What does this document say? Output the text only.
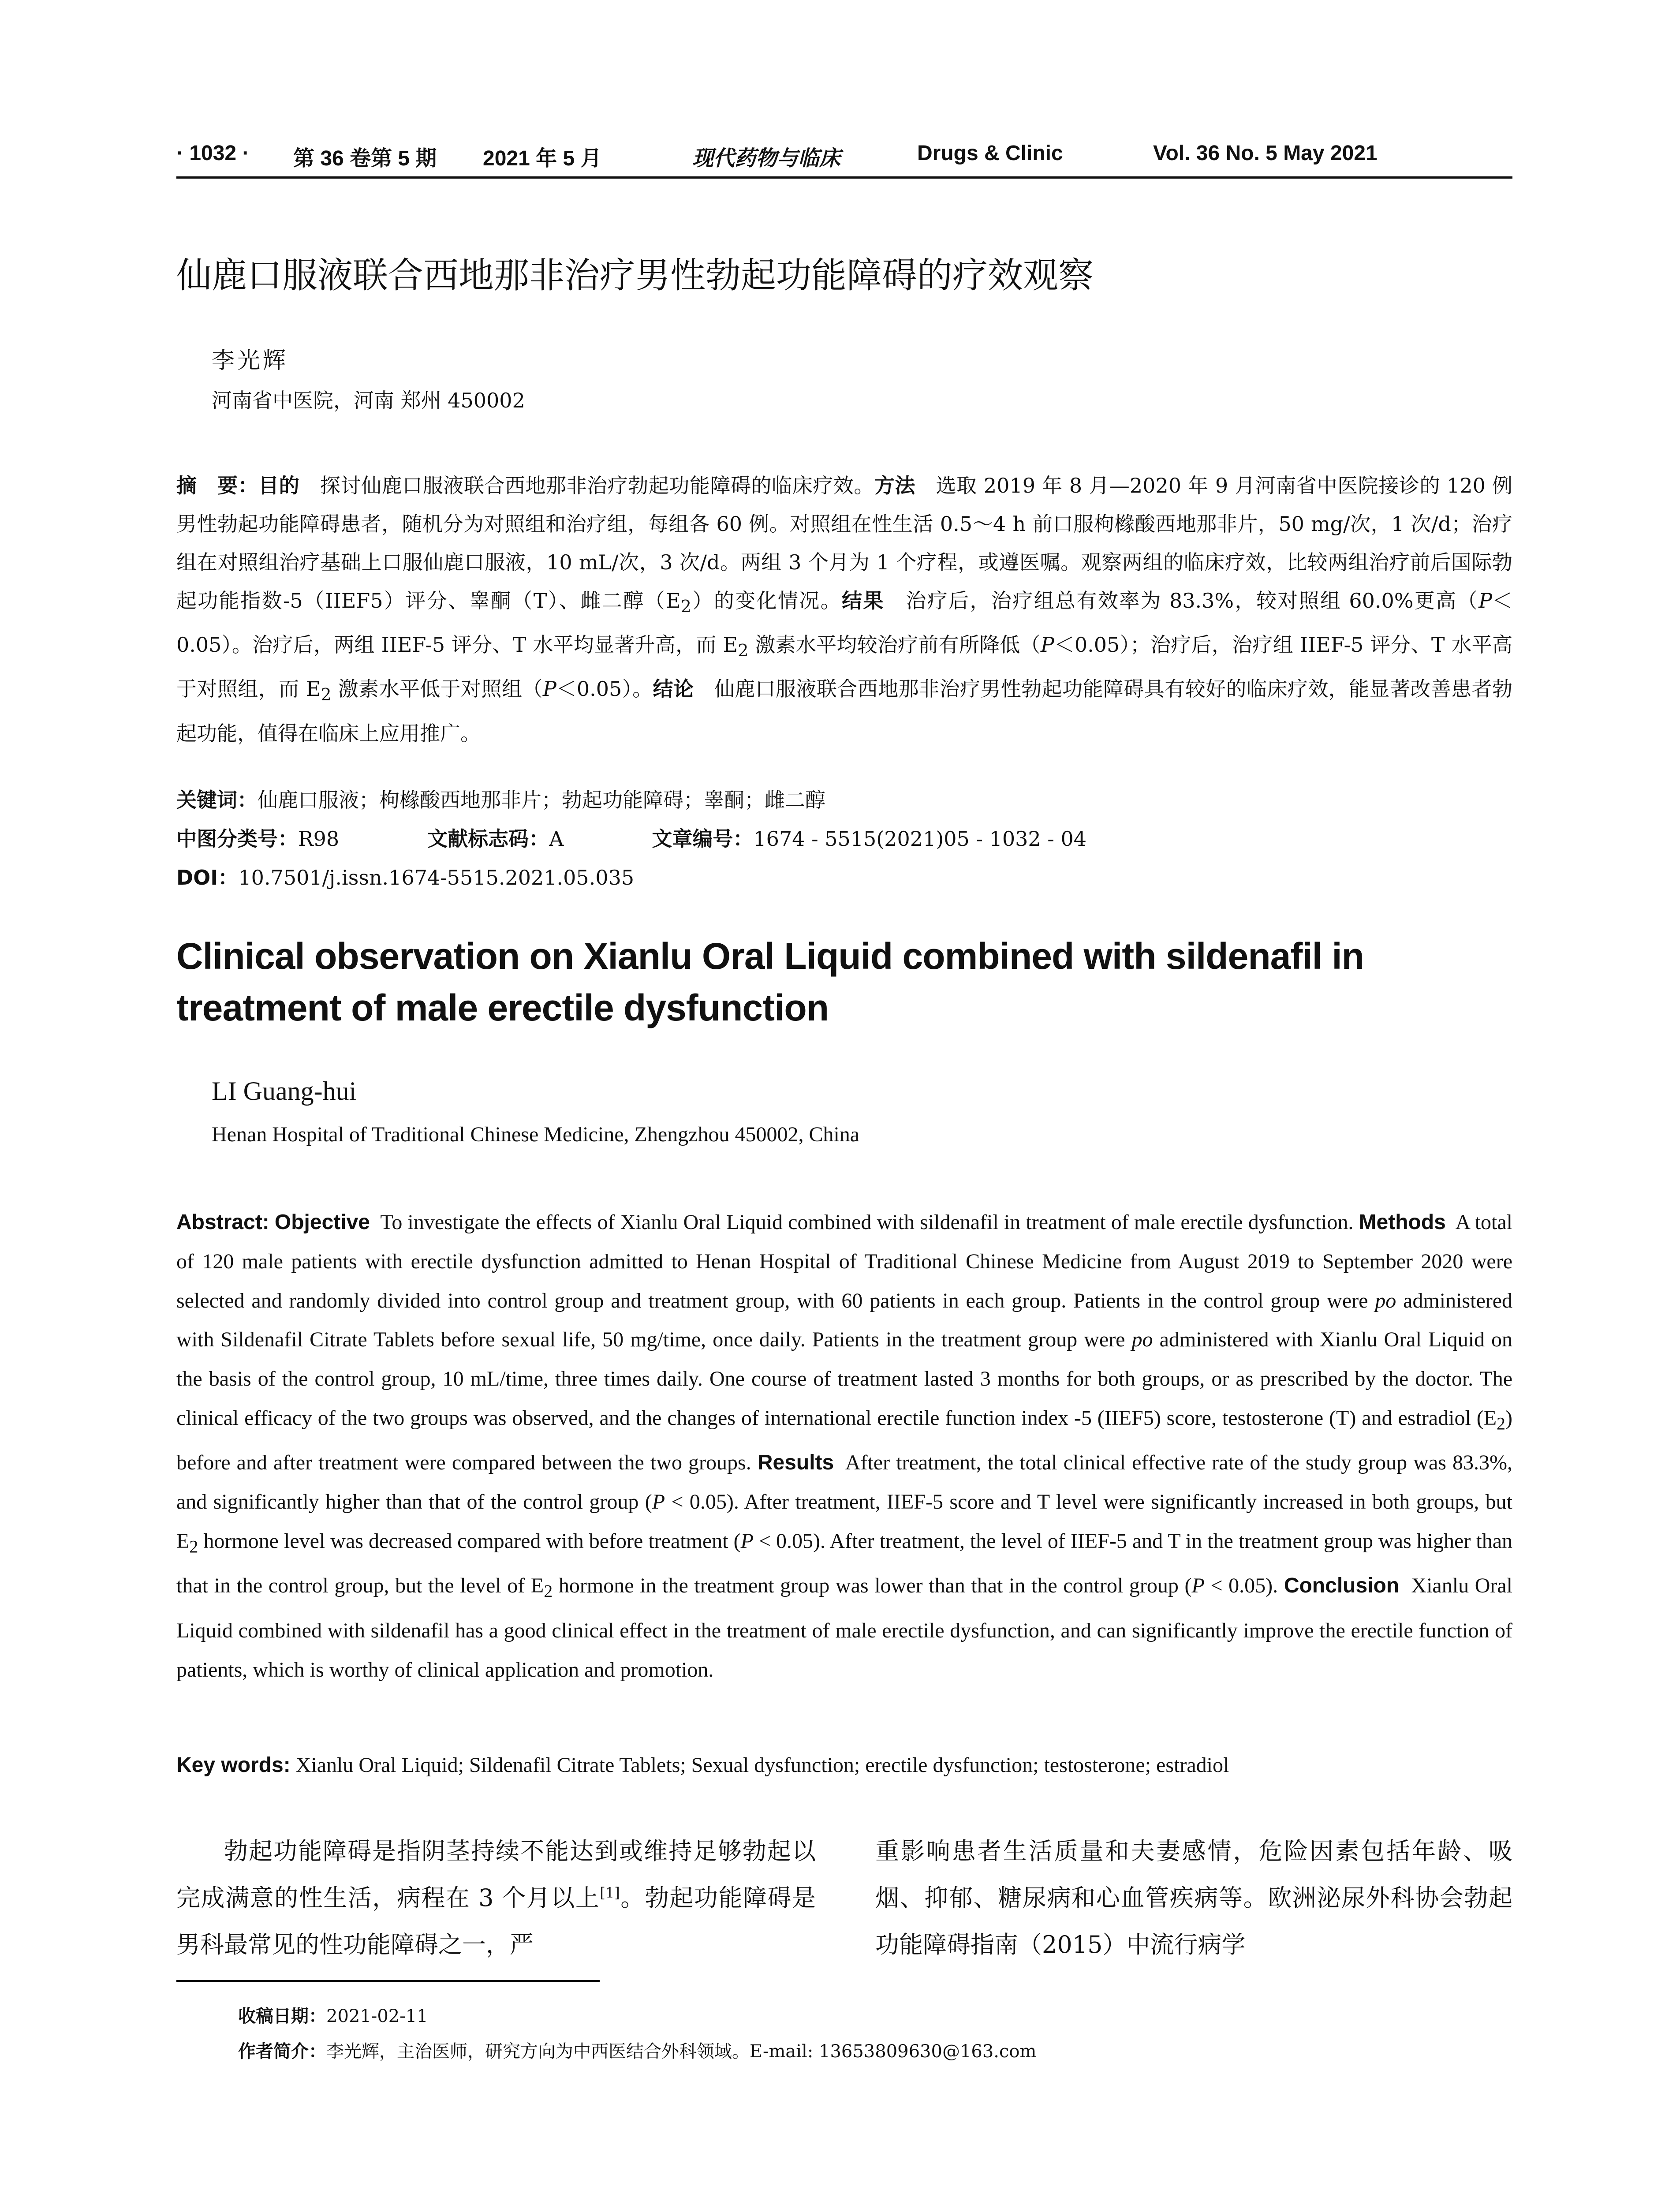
· 1032 · 第 36 卷第 5 期 2021 年 5 月	现代药物与临床	Drugs & Clinic	Vol. 36 No. 5 May 2021
仙鹿口服液联合西地那非治疗男性勃起功能障碍的疗效观察
李光辉
河南省中医院，河南 郑州 450002
摘　要：目的　 探讨仙鹿口服液联合西地那非治疗勃起功能障碍的临床疗效。方法　 选取 2019 年 8 月—2020 年 9 月河南省中医院接诊的 120 例男性勃起功能障碍患者，随机分为对照组和治疗组，每组各 60 例。对照组在性生活 0.5～4 h 前口服枸橼酸西地那非片，50 mg/次，1 次/d；治疗组在对照组治疗基础上口服仙鹿口服液，10 mL/次，3 次/d。两组 3 个月为 1 个疗程，或遵医嘱。观察两组的临床疗效，比较两组治疗前后国际勃起功能指数-5（IIEF5）评分、睾酮（T）、雌二醇$(E_2)$的变化情况。结果　 治疗后，治疗组总有效率为 83.3%，较对照组 60.0%更高（P＜0.05）。治疗后，两组 IIEF-5 评分、T 水平均显著升高，而 $E_2$ 激素水平均较治疗前有所降低（P＜0.05）；治疗后，治疗组 IIEF-5 评分、T 水平高于对照组，而 $E_2$ 激素水平低于对照组（P＜0.05）。结论　 仙鹿口服液联合西地那非治疗男性勃起功能障碍具有较好的临床疗效，能显著改善患者勃起功能，值得在临床上应用推广。
关键词：仙鹿口服液；枸橼酸西地那非片；勃起功能障碍；睾酮；雌二醇
中图分类号：R98	文献标志码：A	文章编号：1674 - 5515(2021)05 - 1032 - 04
DOI：10.7501/j.issn.1674-5515.2021.05.035
Clinical observation on Xianlu Oral Liquid combined with sildenafil in treatment of male erectile dysfunction
LI Guang-hui
Henan Hospital of Traditional Chinese Medicine, Zhengzhou 450002, China
Abstract: Objective To investigate the effects of Xianlu Oral Liquid combined with sildenafil in treatment of male erectile dysfunction. Methods A total of 120 male patients with erectile dysfunction admitted to Henan Hospital of Traditional Chinese Medicine from August 2019 to September 2020 were selected and randomly divided into control group and treatment group, with 60 patients in each group. Patients in the control group were po administered with Sildenafil Citrate Tablets before sexual life, 50 mg/time, once daily. Patients in the treatment group were po administered with Xianlu Oral Liquid on the basis of the control group, 10 mL/time, three times daily. One course of treatment lasted 3 months for both groups, or as prescribed by the doctor. The clinical efficacy of the two groups was observed, and the changes of international erectile function index -5 (IIEF5) score, testosterone (T) and estradiol $(E_2)$ before and after treatment were compared between the two groups. Results After treatment, the total clinical effective rate of the study group was 83.3%, and significantly higher than that of the control group (P < 0.05). After treatment, IIEF-5 score and T level were significantly increased in both groups, but $E_2$ hormone level was decreased compared with before treatment (P < 0.05). After treatment, the level of IIEF-5 and T in the treatment group was higher than that in the control group, but the level of $E_2$ hormone in the treatment group was lower than that in the control group (P < 0.05). Conclusion Xianlu Oral Liquid combined with sildenafil has a good clinical effect in the treatment of male erectile dysfunction, and can significantly improve the erectile function of patients, which is worthy of clinical application and promotion.
Key words: Xianlu Oral Liquid; Sildenafil Citrate Tablets; Sexual dysfunction; erectile dysfunction; testosterone; estradiol
勃起功能障碍是指阴茎持续不能达到或维持足够勃起以完成满意的性生活，病程在 3 个月以上[1]。勃起功能障碍是男科最常见的性功能障碍之一，严
重影响患者生活质量和夫妻感情，危险因素包括年龄、吸烟、抑郁、糖尿病和心血管疾病等。欧洲泌尿外科协会勃起功能障碍指南（2015）中流行病学
收稿日期：2021-02-11
作者简介：李光辉，主治医师，研究方向为中西医结合外科领域。E-mail: 13653809630@163.com
